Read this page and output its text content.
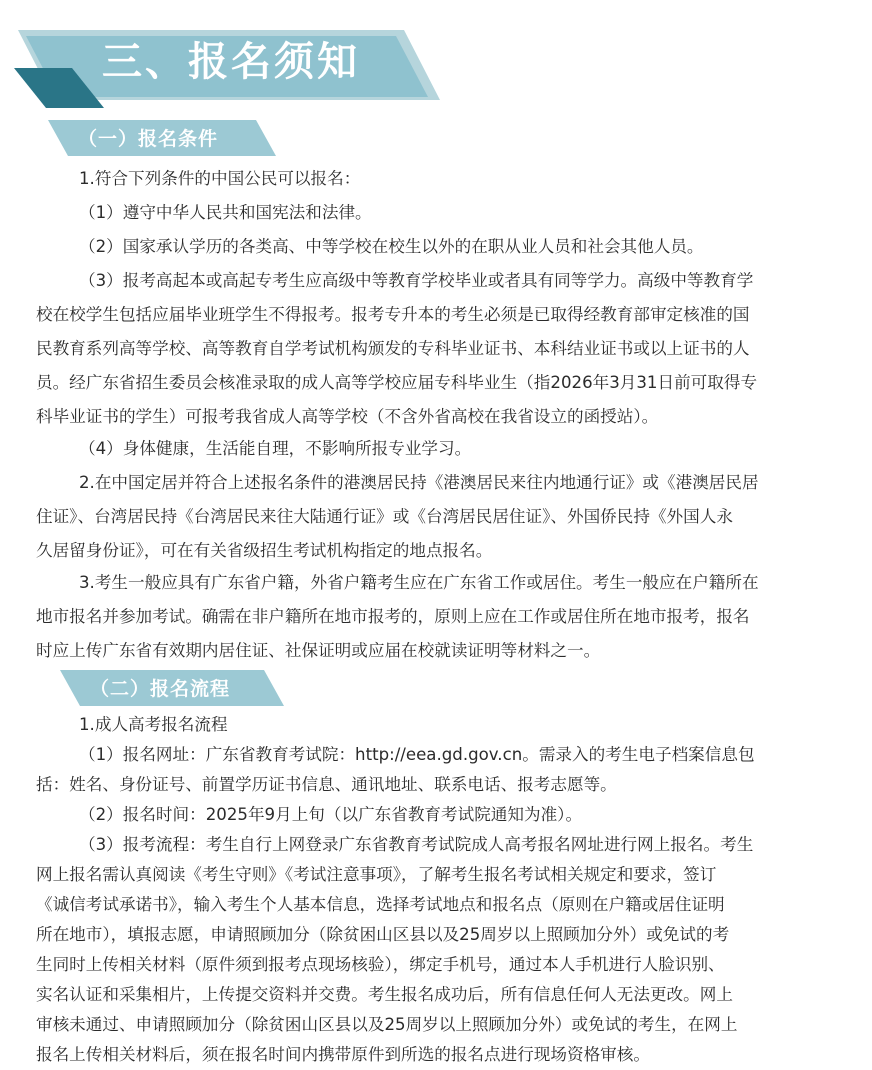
三、报名须知
（一）报名条件
1.符合下列条件的中国公民可以报名：
（1）遵守中华人民共和国宪法和法律。
（2）国家承认学历的各类高、中等学校在校生以外的在职从业人员和社会其他人员。
（3）报考高起本或高起专考生应高级中等教育学校毕业或者具有同等学力。高级中等教育学
校在校学生包括应届毕业班学生不得报考。报考专升本的考生必须是已取得经教育部审定核准的国
民教育系列高等学校、高等教育自学考试机构颁发的专科毕业证书、本科结业证书或以上证书的人
员。经广东省招生委员会核准录取的成人高等学校应届专科毕业生（指2026年3月31日前可取得专
科毕业证书的学生）可报考我省成人高等学校（不含外省高校在我省设立的函授站）。
（4）身体健康，生活能自理，不影响所报专业学习。
2.在中国定居并符合上述报名条件的港澳居民持《港澳居民来往内地通行证》或《港澳居民居
住证》、台湾居民持《台湾居民来往大陆通行证》或《台湾居民居住证》、外国侨民持《外国人永
久居留身份证》，可在有关省级招生考试机构指定的地点报名。
3.考生一般应具有广东省户籍，外省户籍考生应在广东省工作或居住。考生一般应在户籍所在
地市报名并参加考试。确需在非户籍所在地市报考的，原则上应在工作或居住所在地市报考，报名
时应上传广东省有效期内居住证、社保证明或应届在校就读证明等材料之一。
（二）报名流程
1.成人高考报名流程
（1）报名网址：广东省教育考试院：http://eea.gd.gov.cn。需录入的考生电子档案信息包
括：姓名、身份证号、前置学历证书信息、通讯地址、联系电话、报考志愿等。
（2）报名时间：2025年9月上旬（以广东省教育考试院通知为准）。
（3）报考流程：考生自行上网登录广东省教育考试院成人高考报名网址进行网上报名。考生
网上报名需认真阅读《考生守则》《考试注意事项》，了解考生报名考试相关规定和要求，签订
《诚信考试承诺书》，输入考生个人基本信息，选择考试地点和报名点（原则在户籍或居住证明
所在地市），填报志愿，申请照顾加分（除贫困山区县以及25周岁以上照顾加分外）或免试的考
生同时上传相关材料（原件须到报考点现场核验），绑定手机号，通过本人手机进行人脸识别、
实名认证和采集相片，上传提交资料并交费。考生报名成功后，所有信息任何人无法更改。网上
审核未通过、申请照顾加分（除贫困山区县以及25周岁以上照顾加分外）或免试的考生，在网上
报名上传相关材料后，须在报名时间内携带原件到所选的报名点进行现场资格审核。
